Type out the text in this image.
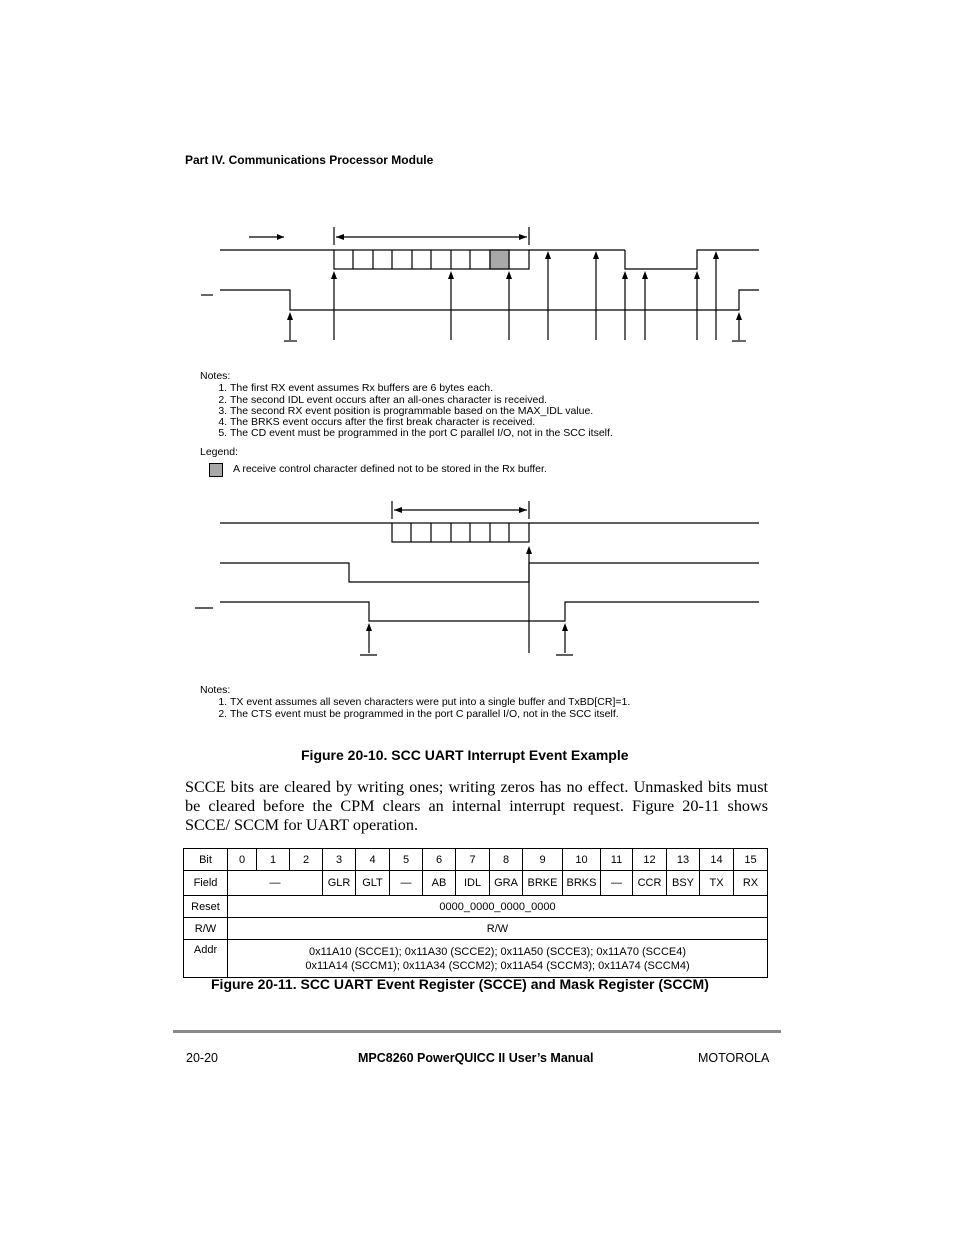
Part IV. Communications Processor Module
Notes:
1. The first RX event assumes Rx buffers are 6 bytes each.
2. The second IDL event occurs after an all-ones character is received.
3. The second RX event position is programmable based on the MAX_IDL value.
4. The BRKS event occurs after the first break character is received.
5. The CD event must be programmed in the port C parallel I/O, not in the SCC itself.
Legend:
A receive control character defined not to be stored in the Rx buffer.
Notes:
1. TX event assumes all seven characters were put into a single buffer and TxBD[CR]=1.
2. The CTS event must be programmed in the port C parallel I/O, not in the SCC itself.
Figure 20-10. SCC UART Interrupt Event Example
SCCE bits are cleared by writing ones; writing zeros has no effect. Unmasked bits must be cleared before the CPM clears an internal interrupt request. Figure 20-11 shows SCCE/ SCCM for UART operation.
Bit	0	1	2	3	4	5	6	7	8	9	10	11	12	13	14	15
Field	—			GLR	GLT	—	AB	IDL	GRA	BRKE	BRKS	—	CCR	BSY	TX	RX
Reset	0000_0000_0000_0000															
R/W	R/W															
Addr	0x11A10 (SCCE1); 0x11A30 (SCCE2); 0x11A50 (SCCE3); 0x11A70 (SCCE4)
0x11A14 (SCCM1); 0x11A34 (SCCM2); 0x11A54 (SCCM3); 0x11A74 (SCCM4)															
Figure 20-11. SCC UART Event Register (SCCE) and Mask Register (SCCM)
20-20	MPC8260 PowerQUICC II User’s Manual	MOTOROLA
